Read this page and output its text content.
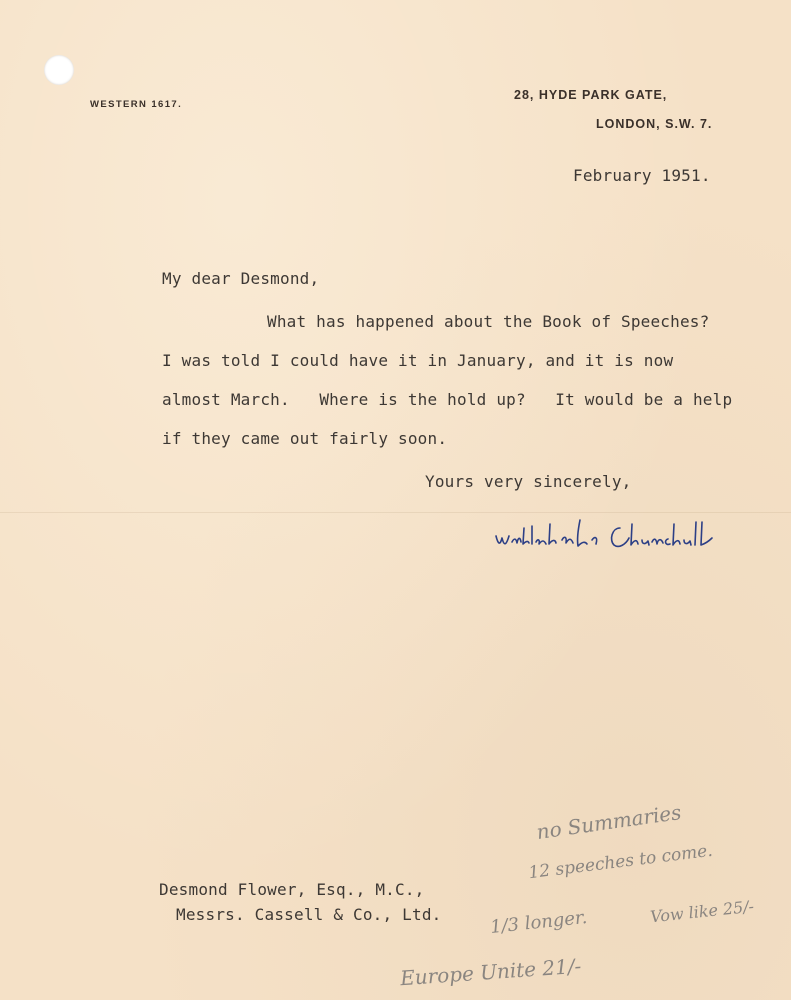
WESTERN 1617.
28, HYDE PARK GATE,
LONDON, S.W. 7.
February 1951.
My dear Desmond,
What has happened about the Book of Speeches?
I was told I could have it in January, and it is now
almost March.   Where is the hold up?   It would be a help
if they came out fairly soon.
Yours very sincerely,
Desmond Flower, Esq., M.C.,
Messrs. Cassell & Co., Ltd.
no Summaries
12 speeches to come.
1/3 longer.	Vow like 25/-
Europe Unite 21/-
